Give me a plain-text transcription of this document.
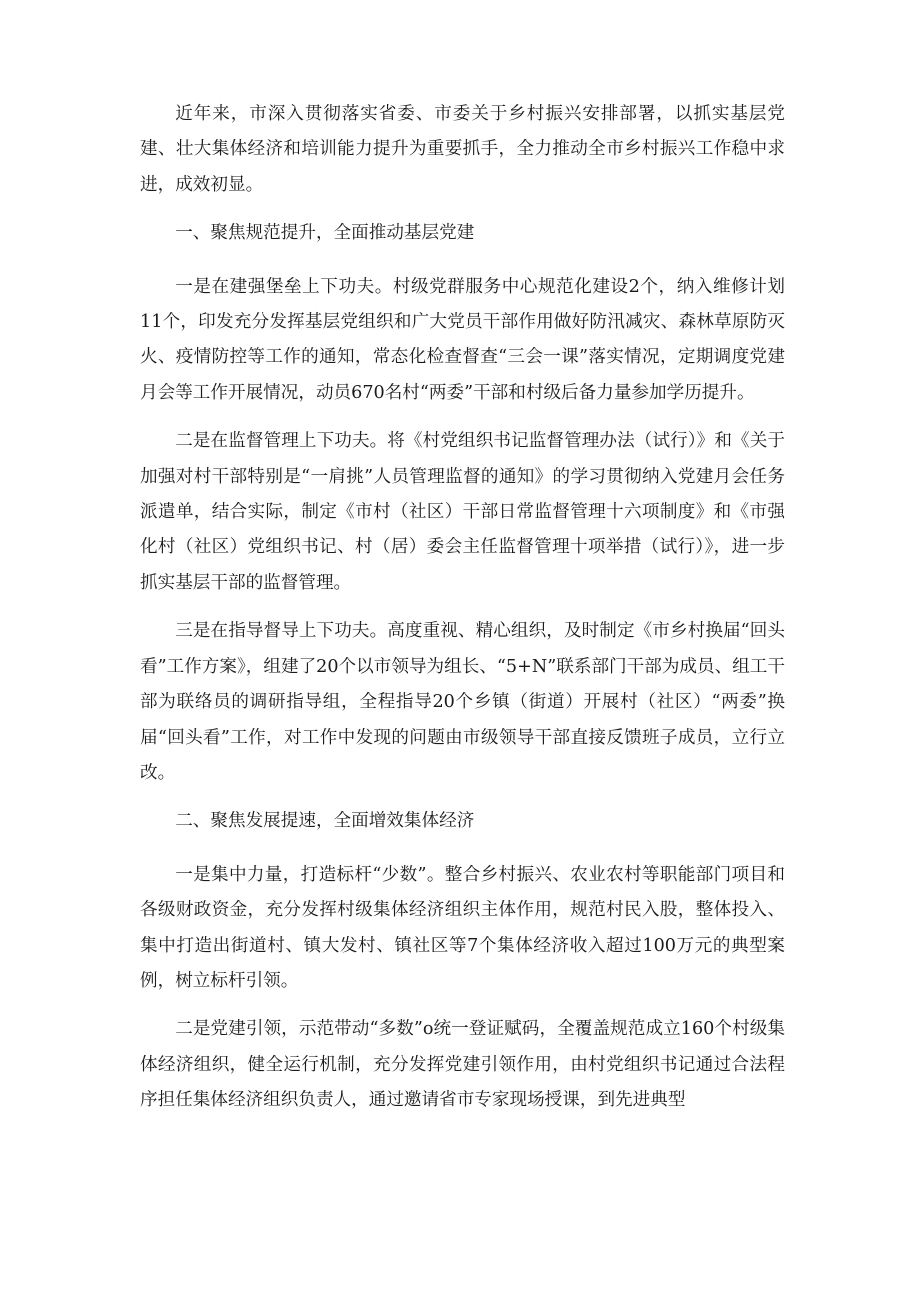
近年来，市深入贯彻落实省委、市委关于乡村振兴安排部署，以抓实基层党建、壮大集体经济和培训能力提升为重要抓手，全力推动全市乡村振兴工作稳中求进，成效初显。

一、聚焦规范提升，全面推动基层党建

一是在建强堡垒上下功夫。村级党群服务中心规范化建设2个，纳入维修计划11个，印发充分发挥基层党组织和广大党员干部作用做好防汛减灾、森林草原防灭火、疫情防控等工作的通知，常态化检查督查“三会一课”落实情况，定期调度党建月会等工作开展情况，动员670名村“两委”干部和村级后备力量参加学历提升。

二是在监督管理上下功夫。将《村党组织书记监督管理办法（试行）》和《关于加强对村干部特别是“一肩挑”人员管理监督的通知》的学习贯彻纳入党建月会任务派遣单，结合实际，制定《市村（社区）干部日常监督管理十六项制度》和《市强化村（社区）党组织书记、村（居）委会主任监督管理十项举措（试行）》，进一步抓实基层干部的监督管理。

三是在指导督导上下功夫。高度重视、精心组织，及时制定《市乡村换届“回头看”工作方案》，组建了20个以市领导为组长、“5+N”联系部门干部为成员、组工干部为联络员的调研指导组，全程指导20个乡镇（街道）开展村（社区）“两委”换届“回头看”工作，对工作中发现的问题由市级领导干部直接反馈班子成员，立行立改。

二、聚焦发展提速，全面增效集体经济

一是集中力量，打造标杆“少数”。整合乡村振兴、农业农村等职能部门项目和各级财政资金，充分发挥村级集体经济组织主体作用，规范村民入股，整体投入、集中打造出街道村、镇大发村、镇社区等7个集体经济收入超过100万元的典型案例，树立标杆引领。

二是党建引领，示范带动“多数”o统一登证赋码，全覆盖规范成立160个村级集体经济组织，健全运行机制，充分发挥党建引领作用，由村党组织书记通过合法程序担任集体经济组织负责人，通过邀请省市专家现场授课，到先进典型
